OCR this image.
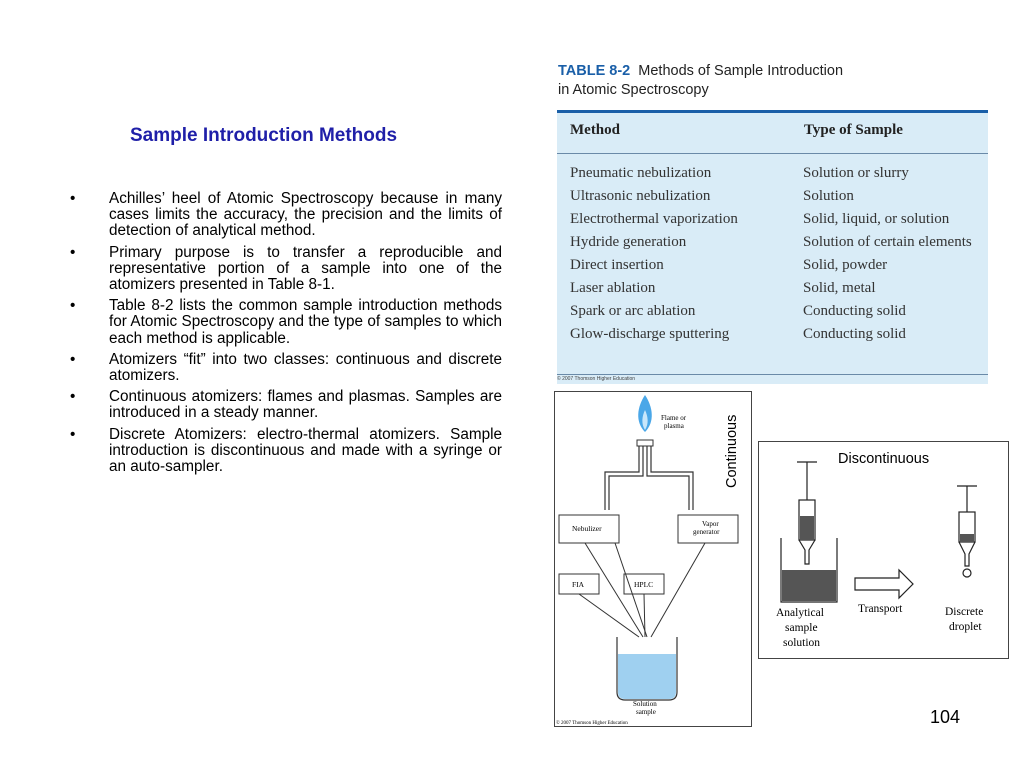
Sample Introduction Methods
• Achilles’ heel of Atomic Spectroscopy because in many cases limits the accuracy, the precision and the limits of detection of analytical method.
• Primary purpose is to transfer a reproducible and representative portion of a sample into one of the atomizers presented in Table 8-1.
• Table 8-2 lists the common sample introduction methods for Atomic Spectroscopy and the type of samples to which each method is applicable.
• Atomizers “fit” into two classes: continuous and discrete atomizers.
• Continuous atomizers: flames and plasmas. Samples are introduced in a steady manner.
• Discrete Atomizers: electro-thermal atomizers. Sample introduction is discontinuous and made with a syringe or an auto-sampler.
TABLE 8-2 Methods of Sample Introduction
in Atomic Spectroscopy
Method	Type of Sample
Pneumatic nebulization	Solution or slurry
Ultrasonic nebulization	Solution
Electrothermal vaporization	Solid, liquid, or solution
Hydride generation	Solution of certain elements
Direct insertion	Solid, powder
Laser ablation	Solid, metal
Spark or arc ablation	Conducting solid
Glow-discharge sputtering	Conducting solid
© 2007 Thomson Higher Education
Flame or plasma
Nebulizer	Vapor generator
FIA	HPLC
Solution sample
© 2007 Thomson Higher Education
Continuous
Analytical sample solution
Transport	Discrete droplet
Discontinuous
104
